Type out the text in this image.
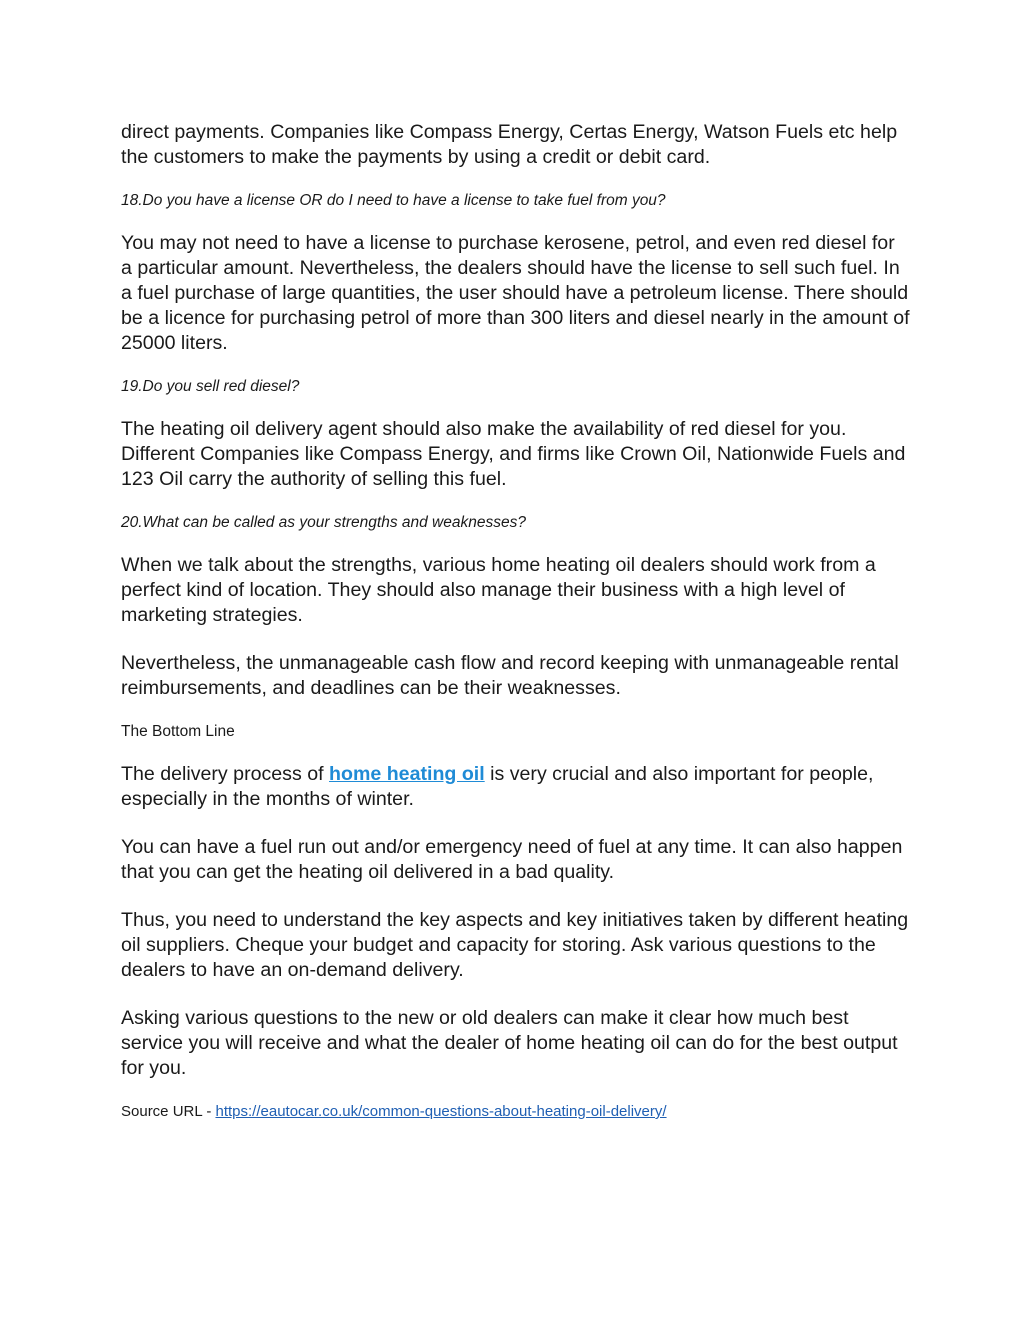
direct payments. Companies like Compass Energy, Certas Energy, Watson Fuels etc help the customers to make the payments by using a credit or debit card.

18.Do you have a license OR do I need to have a license to take fuel from you?

You may not need to have a license to purchase kerosene, petrol, and even red diesel for a particular amount. Nevertheless, the dealers should have the license to sell such fuel. In a fuel purchase of large quantities, the user should have a petroleum license. There should be a licence for purchasing petrol of more than 300 liters and diesel nearly in the amount of 25000 liters.

19.Do you sell red diesel?

The heating oil delivery agent should also make the availability of red diesel for you. Different Companies like Compass Energy, and firms like Crown Oil, Nationwide Fuels and 123 Oil carry the authority of selling this fuel.

20.What can be called as your strengths and weaknesses?

When we talk about the strengths, various home heating oil dealers should work from a perfect kind of location. They should also manage their business with a high level of marketing strategies.

Nevertheless, the unmanageable cash flow and record keeping with unmanageable rental reimbursements, and deadlines can be their weaknesses.

The Bottom Line

The delivery process of home heating oil is very crucial and also important for people, especially in the months of winter.

You can have a fuel run out and/or emergency need of fuel at any time. It can also happen that you can get the heating oil delivered in a bad quality.

Thus, you need to understand the key aspects and key initiatives taken by different heating oil suppliers. Cheque your budget and capacity for storing. Ask various questions to the dealers to have an on-demand delivery.

Asking various questions to the new or old dealers can make it clear how much best service you will receive and what the dealer of home heating oil can do for the best output for you.

Source URL - https://eautocar.co.uk/common-questions-about-heating-oil-delivery/
